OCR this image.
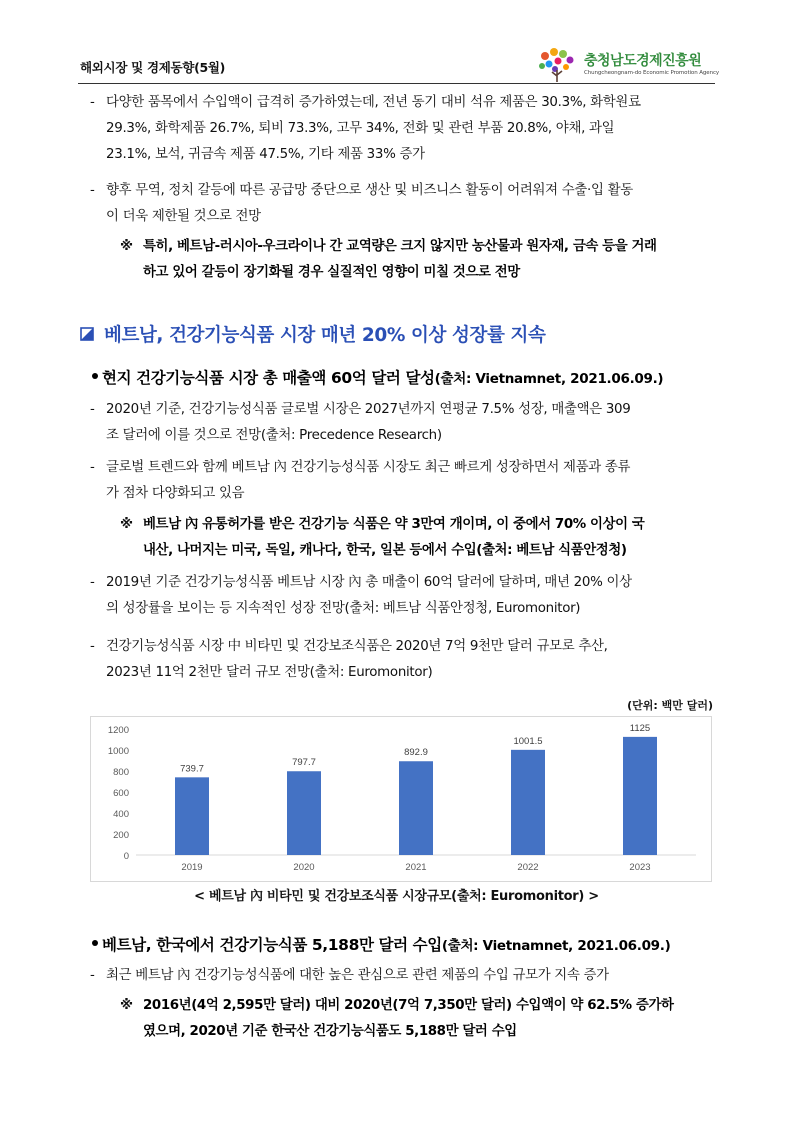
해외시장 및 경제동향(5월)	충청남도경제진흥원
Chungcheongnam-do Economic Promotion Agency
- 다양한 품목에서 수입액이 급격히 증가하였는데, 전년 동기 대비 석유 제품은 30.3%, 화학원료
29.3%, 화학제품 26.7%, 퇴비 73.3%, 고무 34%, 전화 및 관련 부품 20.8%, 야채, 과일
23.1%, 보석, 귀금속 제품 47.5%, 기타 제품 33% 증가
- 향후 무역, 정치 갈등에 따른 공급망 중단으로 생산 및 비즈니스 활동이 어려워져 수출·입 활동
이 더욱 제한될 것으로 전망
※ 특히, 베트남-러시아-우크라이나 간 교역량은 크지 않지만 농산물과 원자재, 금속 등을 거래
하고 있어 갈등이 장기화될 경우 실질적인 영향이 미칠 것으로 전망
베트남, 건강기능식품 시장 매년 20% 이상 성장률 지속
현지 건강기능식품 시장 총 매출액 60억 달러 달성(출처: Vietnamnet, 2021.06.09.)
- 2020년 기준, 건강기능성식품 글로벌 시장은 2027년까지 연평균 7.5% 성장, 매출액은 309
조 달러에 이를 것으로 전망(출처: Precedence Research)
- 글로벌 트렌드와 함께 베트남 內 건강기능성식품 시장도 최근 빠르게 성장하면서 제품과 종류
가 점차 다양화되고 있음
※ 베트남 內 유통허가를 받은 건강기능 식품은 약 3만여 개이며, 이 중에서 70% 이상이 국
내산, 나머지는 미국, 독일, 캐나다, 한국, 일본 등에서 수입(출처: 베트남 식품안정청)
- 2019년 기준 건강기능성식품 베트남 시장 內 총 매출이 60억 달러에 달하며, 매년 20% 이상
의 성장률을 보이는 등 지속적인 성장 전망(출처: 베트남 식품안정청, Euromonitor)
- 건강기능성식품 시장 中 비타민 및 건강보조식품은 2020년 7억 9천만 달러 규모로 추산,
2023년 11억 2천만 달러 규모 전망(출처: Euromonitor)
(단위: 백만 달러)
0
200
400
600
800
1000
1200
739.7
2019
797.7
2020
892.9
2021
1001.5
2022
1125
2023
< 베트남 內 비타민 및 건강보조식품 시장규모(출처: Euromonitor) >
베트남, 한국에서 건강기능식품 5,188만 달러 수입(출처: Vietnamnet, 2021.06.09.)
- 최근 베트남 內 건강기능성식품에 대한 높은 관심으로 관련 제품의 수입 규모가 지속 증가
※ 2016년(4억 2,595만 달러) 대비 2020년(7억 7,350만 달러) 수입액이 약 62.5% 증가하
였으며, 2020년 기준 한국산 건강기능식품도 5,188만 달러 수입
